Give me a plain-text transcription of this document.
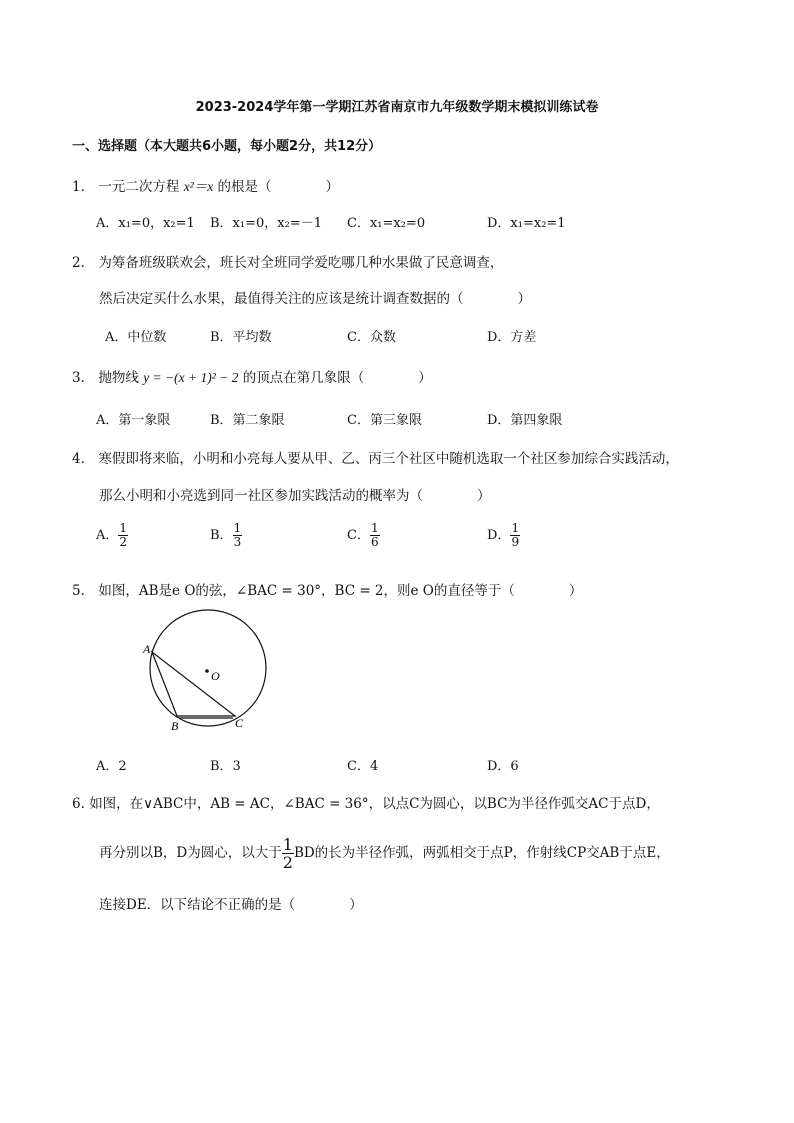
2023-2024学年第一学期江苏省南京市九年级数学期末模拟训练试卷
一、选择题（本大题共6小题，每小题2分，共12分）
1． 一元二次方程 x²＝x 的根是（　　　　）
A．x₁=0，x₂=1 B．x₁=0，x₂=－1 C．x₁=x₂=0	D．x₁=x₂=1
2． 为筹备班级联欢会，班长对全班同学爱吃哪几种水果做了民意调查，
然后决定买什么水果，最值得关注的应该是统计调查数据的（　　　　）
A．中位数	B．平均数	C．众数	D．方差
3． 抛物线 y = −(x + 1)² − 2 的顶点在第几象限（　　　　）
A．第一象限	B．第二象限	C．第三象限	D．第四象限
4． 寒假即将来临，小明和小亮每人要从甲、乙、丙三个社区中随机选取一个社区参加综合实践活动，
那么小明和小亮选到同一社区参加实践活动的概率为（　　　　）
A． $\frac{1}{2}$	B． $\frac{1}{3}$	C． $\frac{1}{6}$	D． $\frac{1}{9}$
5． 如图，AB是e O的弦，∠BAC = 30°，BC = 2，则e O的直径等于（　　　　）
A
B	C
O
A．2	B．3	C．4	D．6
6. 如图，在∨ABC中，AB = AC，∠BAC = 36°，以点C为圆心，以BC为半径作弧交AC于点D，
再分别以B，D为圆心，以大于 $\frac{1}{2}$ BD的长为半径作弧，两弧相交于点P，作射线CP交AB于点E，
连接DE．以下结论不正确的是（　　　　）
